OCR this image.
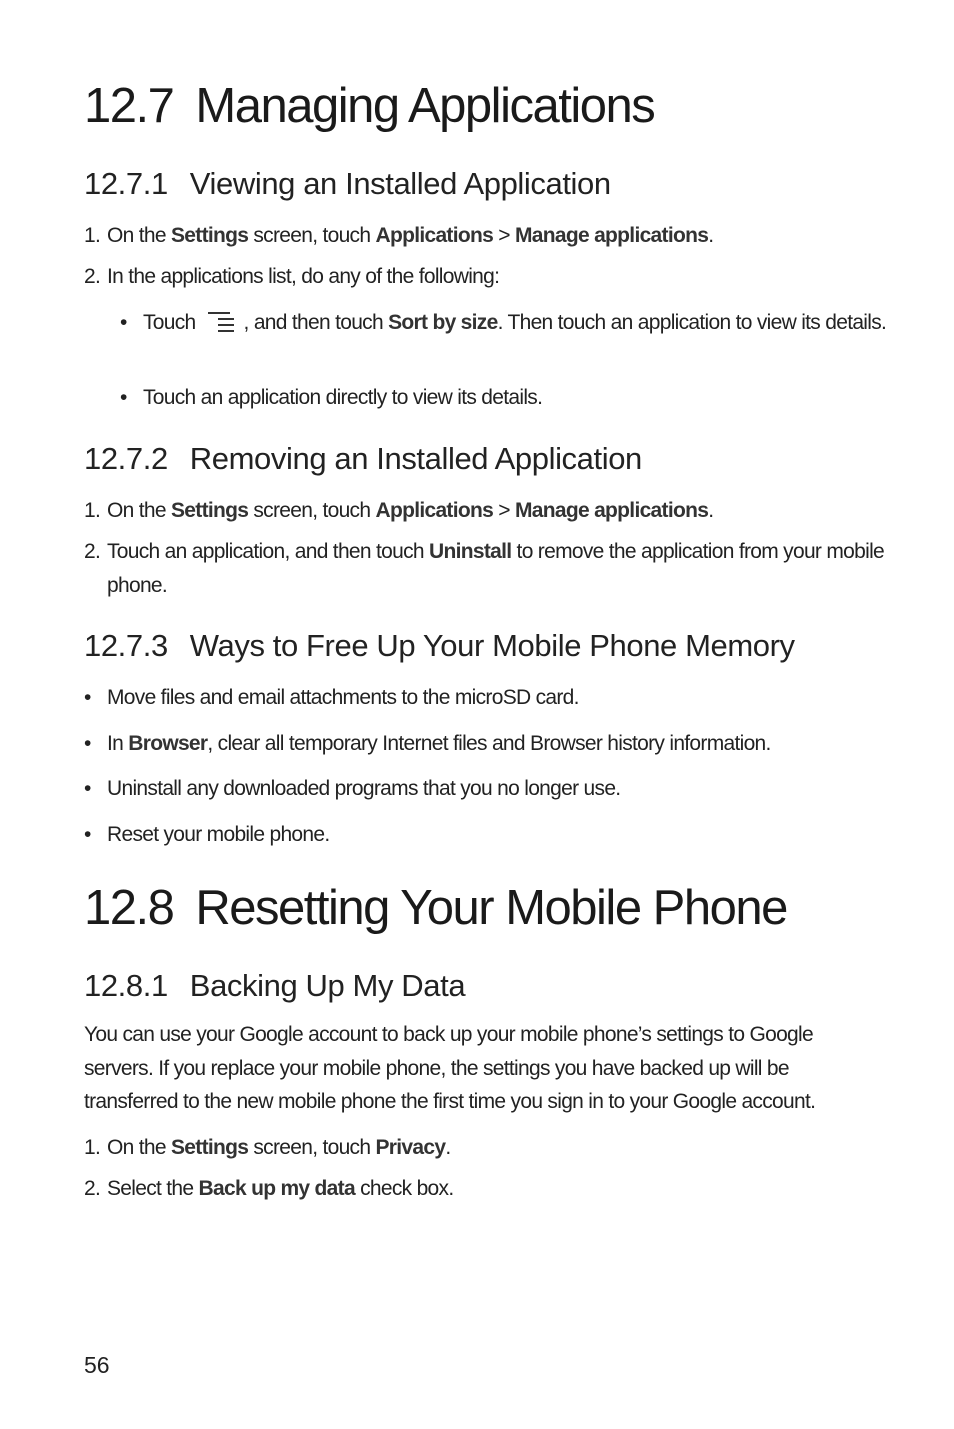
12.7 Managing Applications
12.7.1 Viewing an Installed Application

1. On the Settings screen, touch Applications > Manage applications.

2. In the applications list, do any of the following:

• Touch , and then touch Sort by size. Then touch an application to view its details.

• Touch an application directly to view its details.

12.7.2 Removing an Installed Application

1. On the Settings screen, touch Applications > Manage applications.

2. Touch an application, and then touch Uninstall to remove the application from your mobile phone.

12.7.3 Ways to Free Up Your Mobile Phone Memory

• Move files and email attachments to the microSD card.

• In Browser, clear all temporary Internet files and Browser history information.

• Uninstall any downloaded programs that you no longer use.

• Reset your mobile phone.

12.8 Resetting Your Mobile Phone
12.8.1 Backing Up My Data

You can use your Google account to back up your mobile phone’s settings to Google servers. If you replace your mobile phone, the settings you have backed up will be transferred to the new mobile phone the first time you sign in to your Google account.

1. On the Settings screen, touch Privacy.

2. Select the Back up my data check box.

56
